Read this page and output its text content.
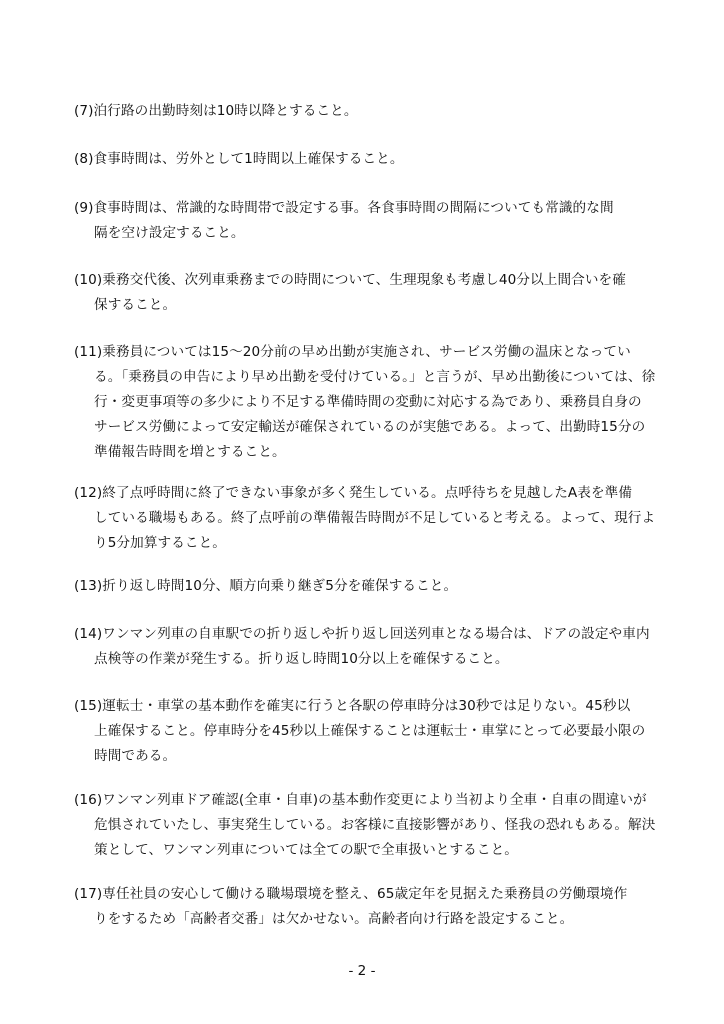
(7)泊行路の出勤時刻は10時以降とすること。
(8)食事時間は、労外として1時間以上確保すること。
(9)食事時間は、常識的な時間帯で設定する事。各食事時間の間隔についても常識的な間
隔を空け設定すること。
(10)乗務交代後、次列車乗務までの時間について、生理現象も考慮し40分以上間合いを確
保すること。
(11)乗務員については15～20分前の早め出勤が実施され、サービス労働の温床となってい
る。「乗務員の申告により早め出勤を受付けている。」と言うが、早め出勤後については、徐
行・変更事項等の多少により不足する準備時間の変動に対応する為であり、乗務員自身の
サービス労働によって安定輸送が確保されているのが実態である。よって、出勤時15分の
準備報告時間を増とすること。
(12)終了点呼時間に終了できない事象が多く発生している。点呼待ちを見越したA表を準備
している職場もある。終了点呼前の準備報告時間が不足していると考える。よって、現行よ
り5分加算すること。
(13)折り返し時間10分、順方向乗り継ぎ5分を確保すること。
(14)ワンマン列車の自車駅での折り返しや折り返し回送列車となる場合は、ドアの設定や車内
点検等の作業が発生する。折り返し時間10分以上を確保すること。
(15)運転士・車掌の基本動作を確実に行うと各駅の停車時分は30秒では足りない。45秒以
上確保すること。停車時分を45秒以上確保することは運転士・車掌にとって必要最小限の
時間である。
(16)ワンマン列車ドア確認(全車・自車)の基本動作変更により当初より全車・自車の間違いが
危惧されていたし、事実発生している。お客様に直接影響があり、怪我の恐れもある。解決
策として、ワンマン列車については全ての駅で全車扱いとすること。
(17)専任社員の安心して働ける職場環境を整え、65歳定年を見据えた乗務員の労働環境作
りをするため「高齢者交番」は欠かせない。高齢者向け行路を設定すること。
- 2 -
